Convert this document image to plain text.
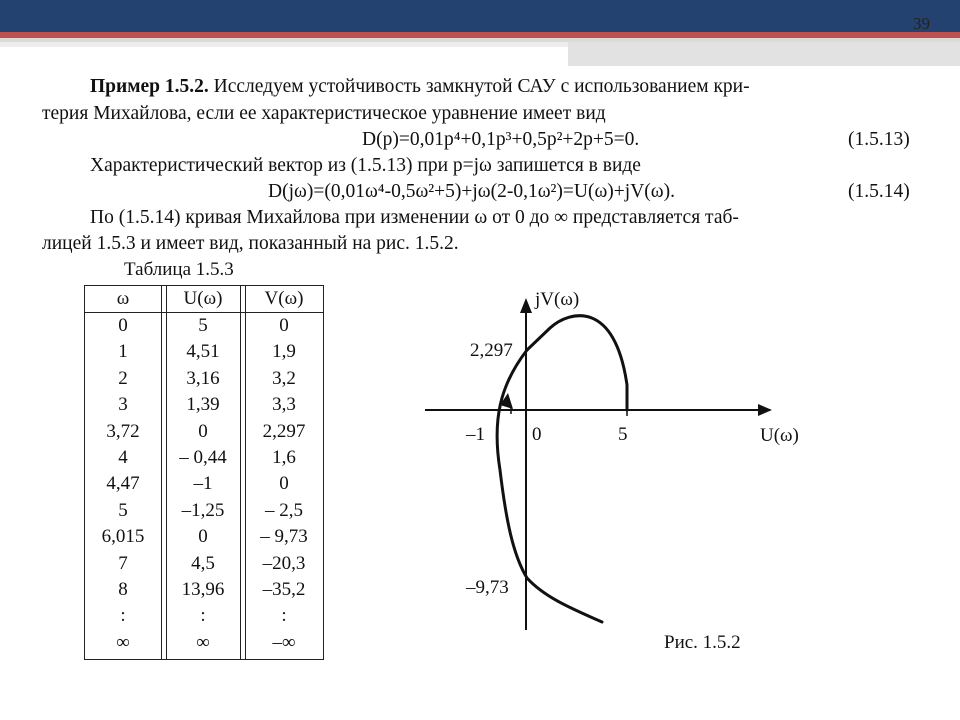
39
Пример 1.5.2. Исследуем устойчивость замкнутой САУ с использованием кри-
терия Михайлова, если ее характеристическое уравнение имеет вид
D(p)=0,01p⁴+0,1p³+0,5p²+2p+5=0.	(1.5.13)
Характеристический вектор из (1.5.13) при p=jω запишется в виде
D(jω)=(0,01ω⁴-0,5ω²+5)+jω(2-0,1ω²)=U(ω)+jV(ω).	(1.5.14)
По (1.5.14) кривая Михайлова при изменении ω от 0 до ∞ представляется таб-
лицей 1.5.3 и имеет вид, показанный на рис. 1.5.2.
Таблица 1.5.3
ω	U(ω)	V(ω)
0	5	0
1	4,51	1,9
2	3,16	3,2
3	1,39	3,3
3,72	0	2,297
4	– 0,44	1,6
4,47	–1	0
5	–1,25	– 2,5
6,015	0	– 9,73
7	4,5	–20,3
8	13,96	–35,2
:	:	:
∞	∞	–∞
jV(ω)
U(ω)
–1 0	5
2,297
–9,73
Рис. 1.5.2
